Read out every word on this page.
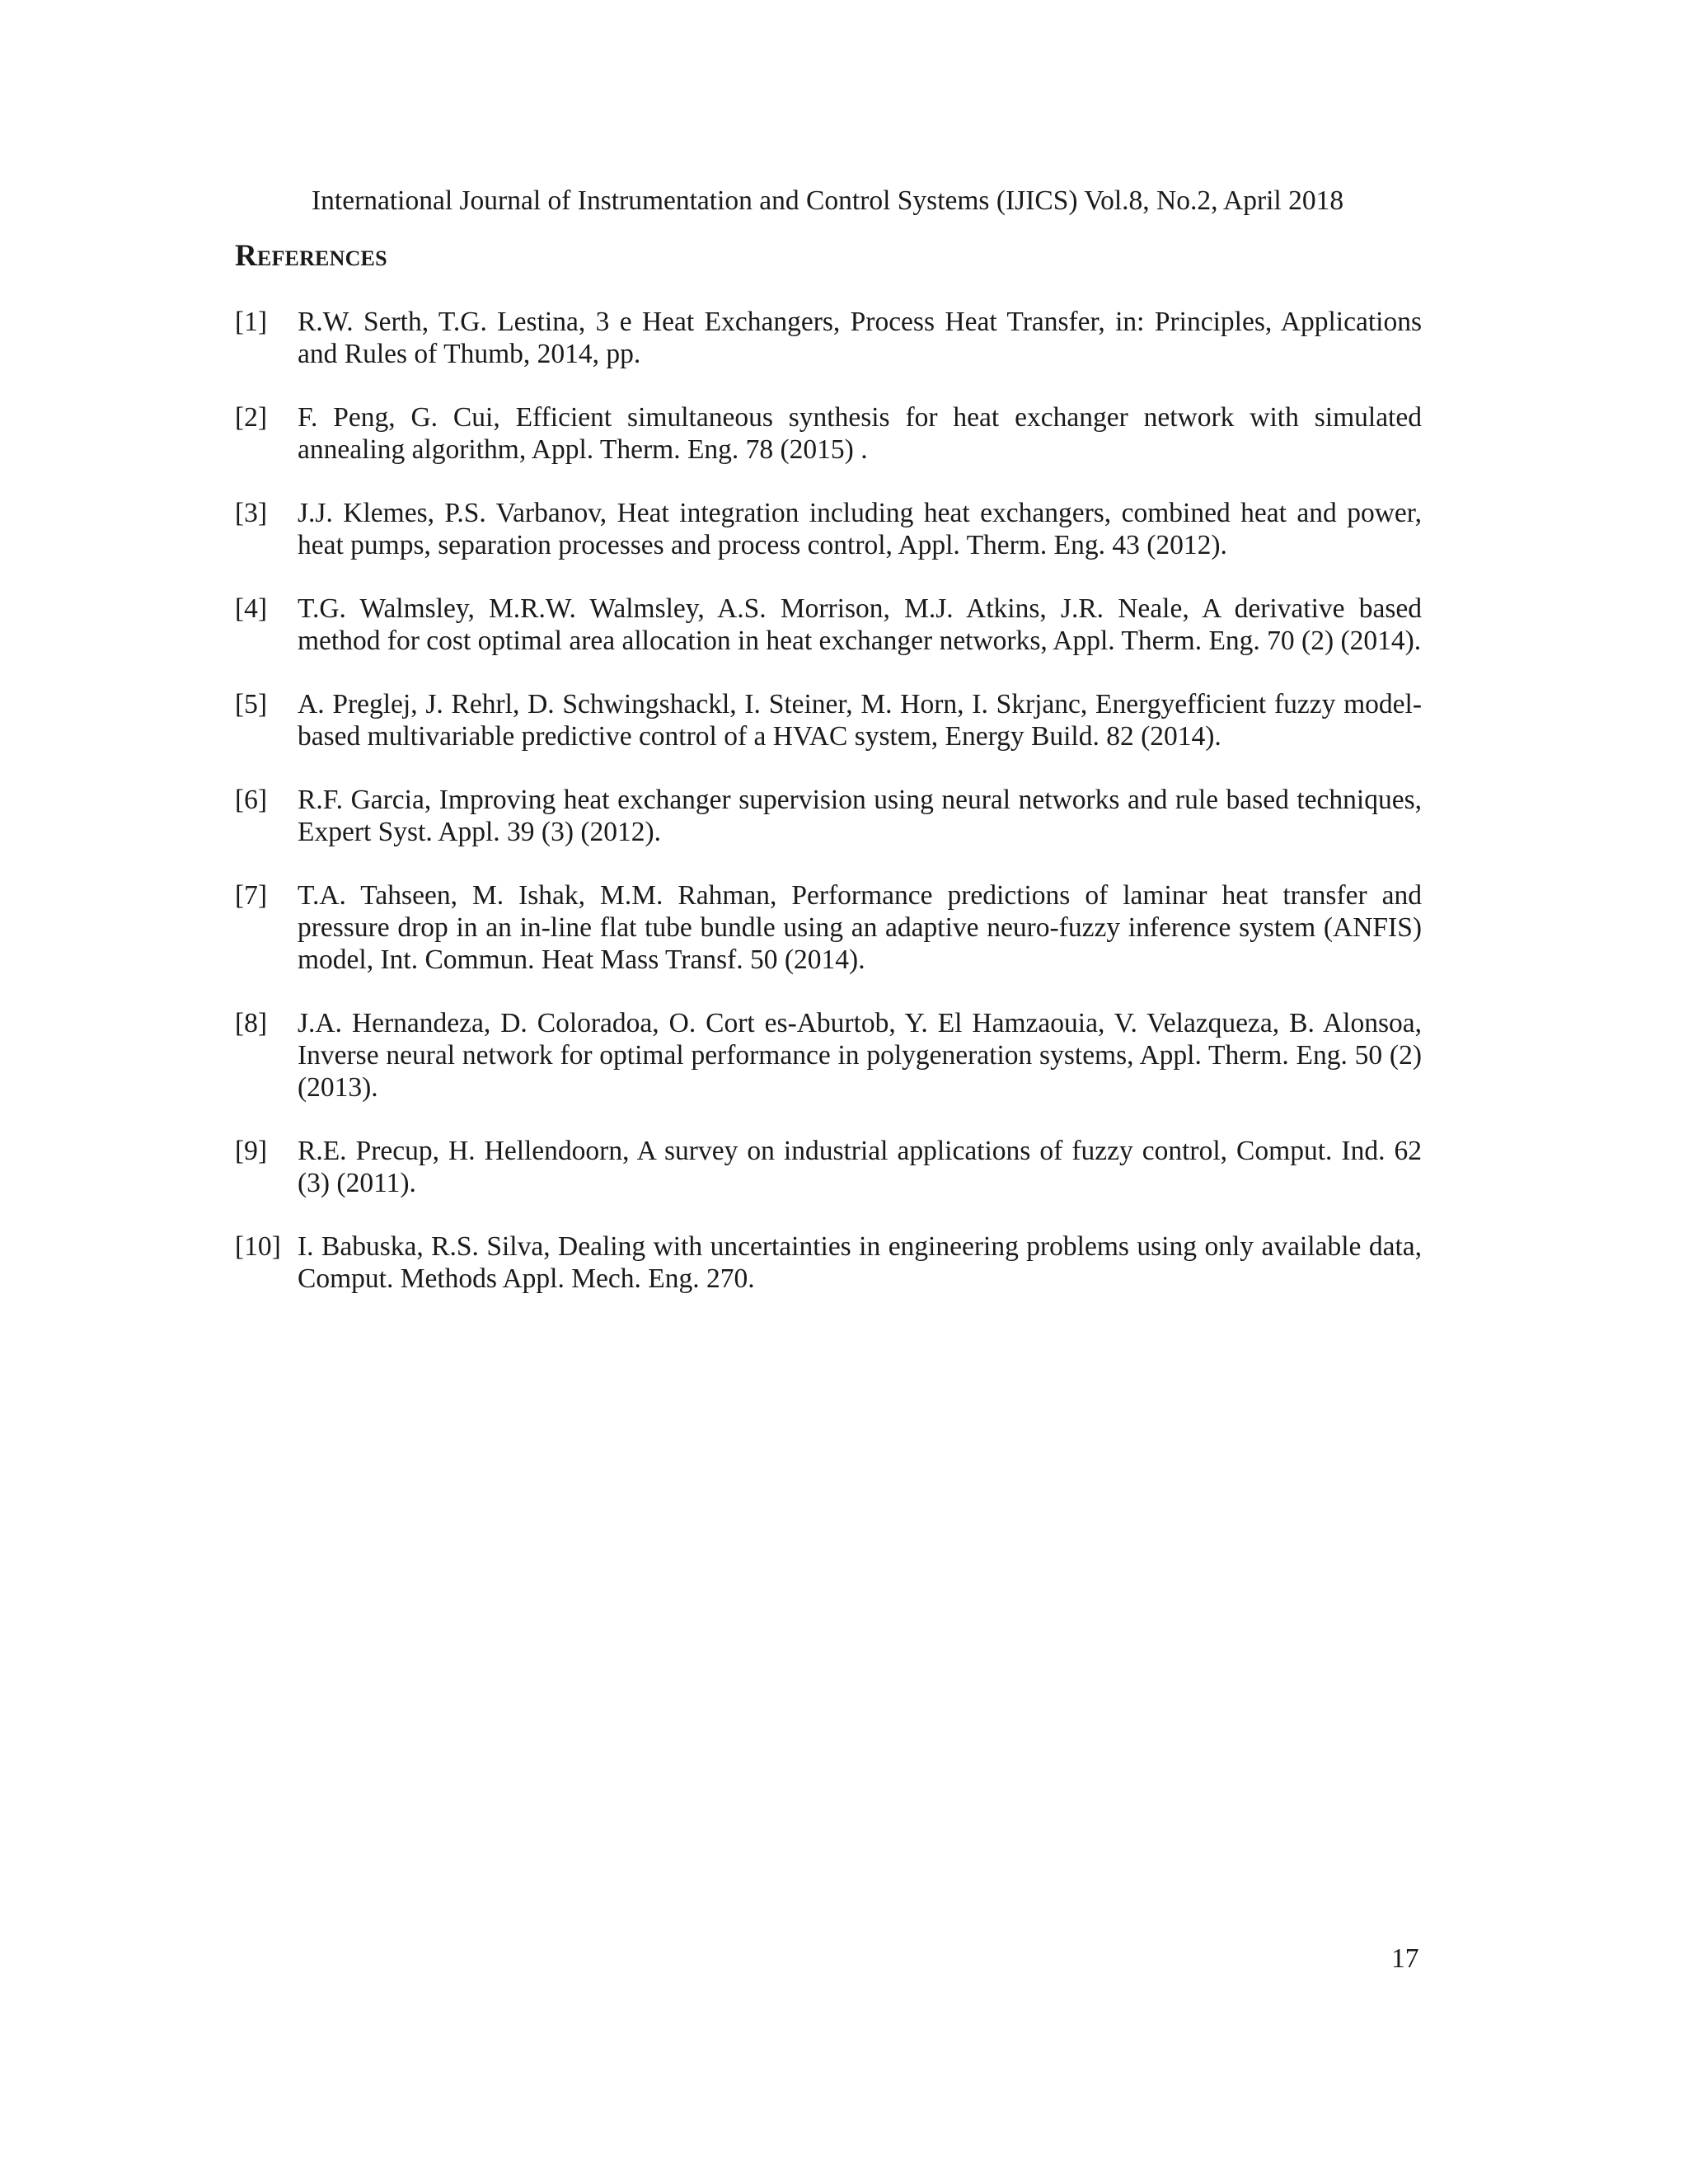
International Journal of Instrumentation and Control Systems (IJICS) Vol.8, No.2, April 2018
References
[1]	R.W. Serth, T.G. Lestina, 3 e Heat Exchangers, Process Heat Transfer, in: Principles, Applications and Rules of Thumb, 2014, pp.
[2]	F. Peng, G. Cui, Efficient simultaneous synthesis for heat exchanger network with simulated annealing algorithm, Appl. Therm. Eng. 78 (2015) .
[3]	J.J. Klemes, P.S. Varbanov, Heat integration including heat exchangers, combined heat and power, heat pumps, separation processes and process control, Appl. Therm. Eng. 43 (2012).
[4]	T.G. Walmsley, M.R.W. Walmsley, A.S. Morrison, M.J. Atkins, J.R. Neale, A derivative based method for cost optimal area allocation in heat exchanger networks, Appl. Therm. Eng. 70 (2) (2014).
[5]	A. Preglej, J. Rehrl, D. Schwingshackl, I. Steiner, M. Horn, I. Skrjanc, Energyefficient fuzzy model-based multivariable predictive control of a HVAC system, Energy Build. 82 (2014).
[6]	R.F. Garcia, Improving heat exchanger supervision using neural networks and rule based techniques, Expert Syst. Appl. 39 (3) (2012).
[7]	T.A. Tahseen, M. Ishak, M.M. Rahman, Performance predictions of laminar heat transfer and pressure drop in an in-line flat tube bundle using an adaptive neuro-fuzzy inference system (ANFIS) model, Int. Commun. Heat Mass Transf. 50 (2014).
[8]	J.A. Hernandeza, D. Coloradoa, O. Cort es-Aburtob, Y. El Hamzaouia, V. Velazqueza, B. Alonsoa, Inverse neural network for optimal performance in polygeneration systems, Appl. Therm. Eng. 50 (2) (2013).
[9]	R.E. Precup, H. Hellendoorn, A survey on industrial applications of fuzzy control, Comput. Ind. 62 (3) (2011).
[10] I. Babuska, R.S. Silva, Dealing with uncertainties in engineering problems using only available data, Comput. Methods Appl. Mech. Eng. 270.
17
